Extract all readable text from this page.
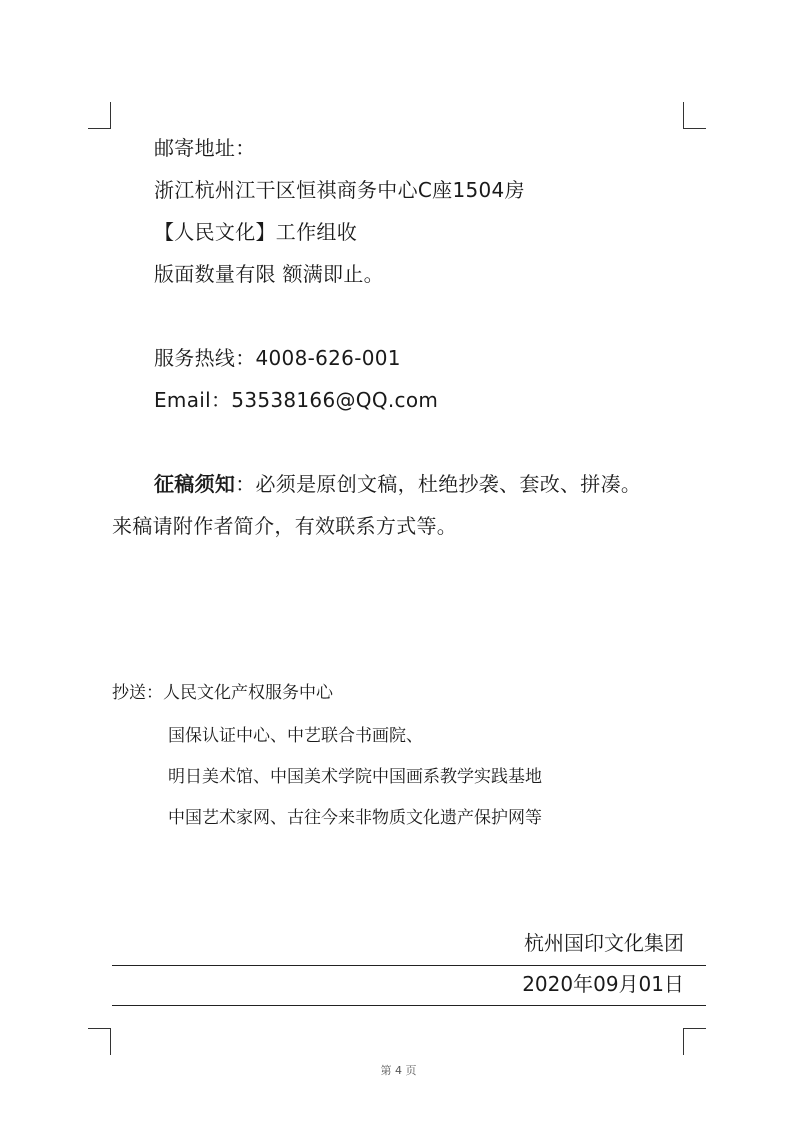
邮寄地址：
浙江杭州江干区恒祺商务中心C座1504房
【人民文化】工作组收
版面数量有限 额满即止。
服务热线：4008-626-001
Email：53538166@QQ.com
征稿须知：必须是原创文稿，杜绝抄袭、套改、拼凑。
来稿请附作者简介，有效联系方式等。
抄送：人民文化产权服务中心
国保认证中心、中艺联合书画院、
明日美术馆、中国美术学院中国画系教学实践基地
中国艺术家网、古往今来非物质文化遗产保护网等
杭州国印文化集团
2020年09月01日
第 4 页
